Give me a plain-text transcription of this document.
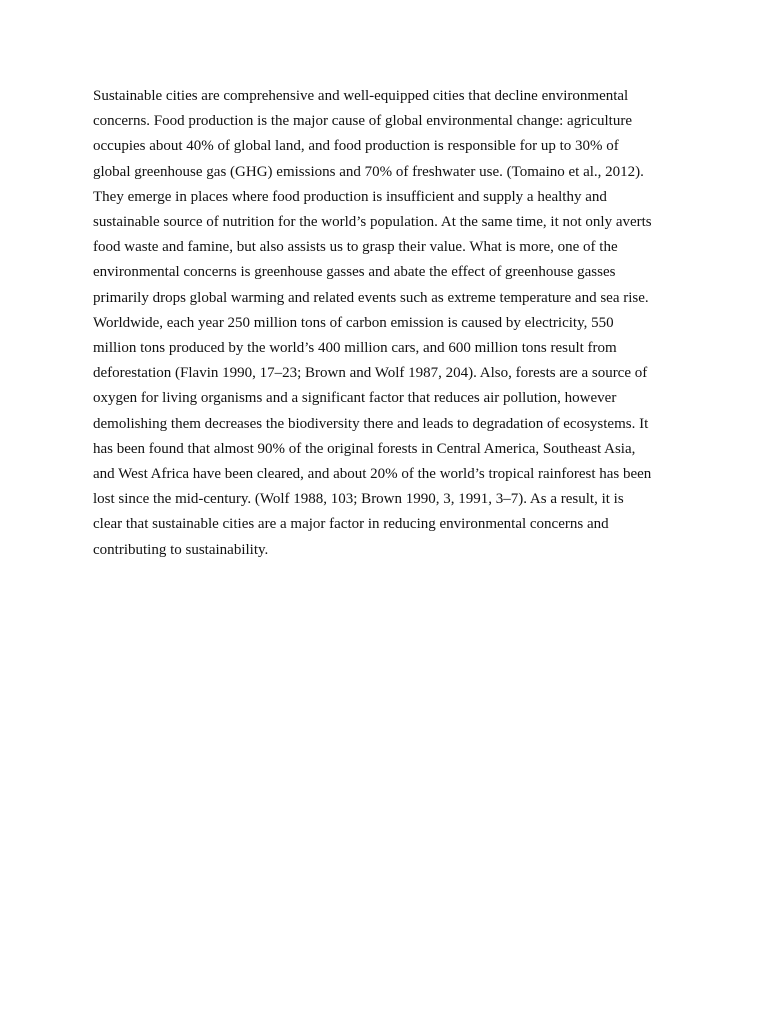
Sustainable cities are comprehensive and well-equipped cities that decline environmental
concerns. Food production is the major cause of global environmental change: agriculture
occupies about 40% of global land, and food production is responsible for up to 30% of
global greenhouse gas (GHG) emissions and 70% of freshwater use. (Tomaino et al., 2012).
They emerge in places where food production is insufficient and supply a healthy and
sustainable source of nutrition for the world’s population. At the same time, it not only averts
food waste and famine, but also assists us to grasp their value. What is more, one of the
environmental concerns is greenhouse gasses and abate the effect of greenhouse gasses
primarily drops global warming and related events such as extreme temperature and sea rise.
Worldwide, each year 250 million tons of carbon emission is caused by electricity, 550
million tons produced by the world’s 400 million cars, and 600 million tons result from
deforestation (Flavin 1990, 17–23; Brown and Wolf 1987, 204). Also, forests are a source of
oxygen for living organisms and a significant factor that reduces air pollution, however
demolishing them decreases the biodiversity there and leads to degradation of ecosystems. It
has been found that almost 90% of the original forests in Central America, Southeast Asia,
and West Africa have been cleared, and about 20% of the world’s tropical rainforest has been
lost since the mid-century. (Wolf 1988, 103; Brown 1990, 3, 1991, 3–7). As a result, it is
clear that sustainable cities are a major factor in reducing environmental concerns and
contributing to sustainability.
